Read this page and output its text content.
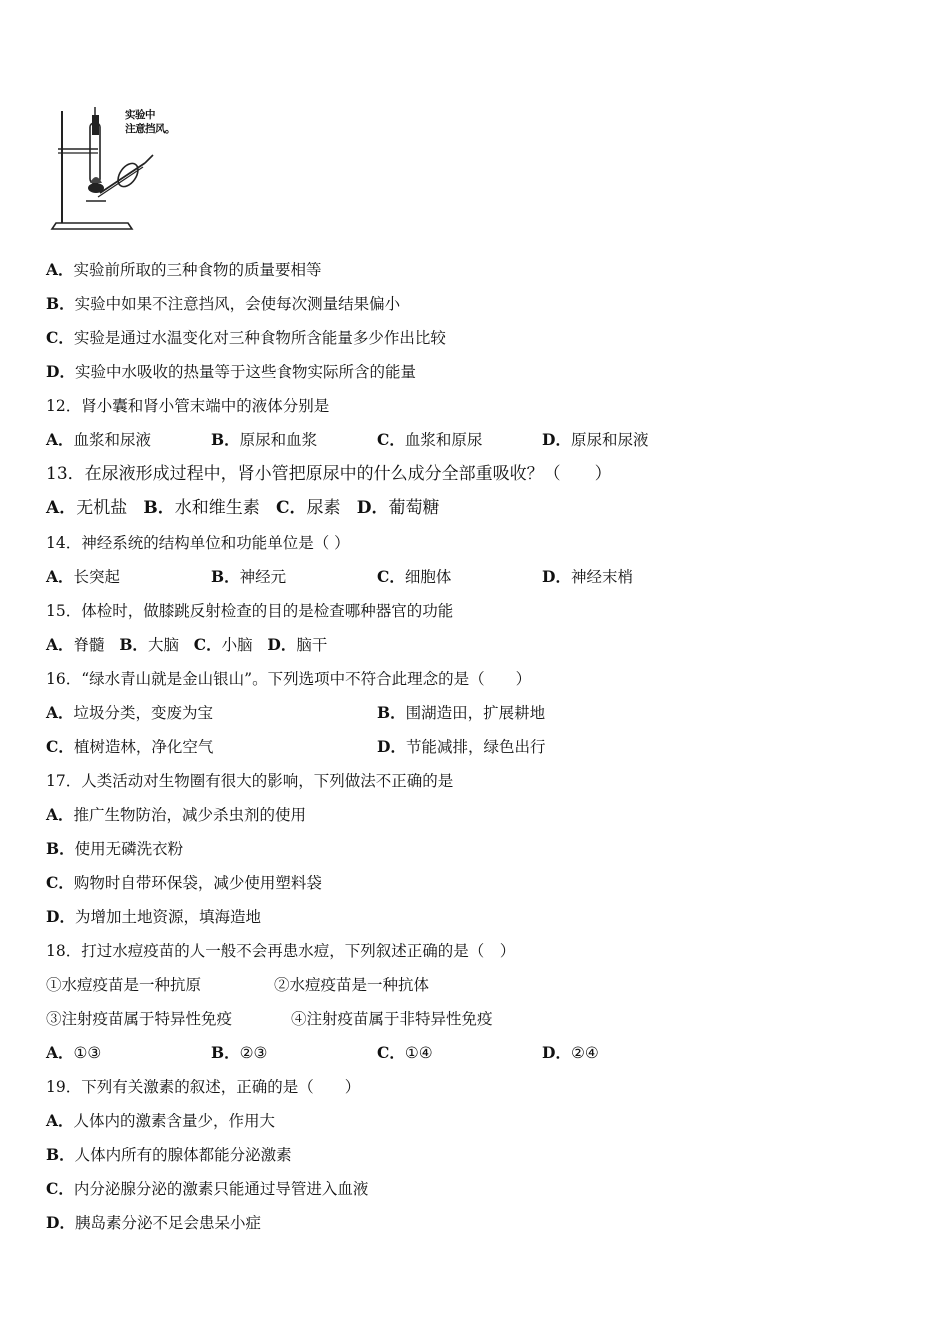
实验中
注意挡风。
A．实验前所取的三种食物的质量要相等
B．实验中如果不注意挡风，会使每次测量结果偏小
C．实验是通过水温变化对三种食物所含能量多少作出比较
D．实验中水吸收的热量等于这些食物实际所含的能量
12．肾小囊和肾小管末端中的液体分别是
A．血浆和尿液	B．原尿和血浆	C．血浆和原尿	D．原尿和尿液
13．在尿液形成过程中，肾小管把原尿中的什么成分全部重吸收？（　　）
A．无机盐 B．水和维生素 C．尿素 D．葡萄糖
14．神经系统的结构单位和功能单位是（ ）
A．长突起	B．神经元	C．细胞体	D．神经末梢
15．体检时，做膝跳反射检查的目的是检查哪种器官的功能
A．脊髓 B．大脑 C．小脑 D．脑干
16．“绿水青山就是金山银山”。下列选项中不符合此理念的是（　　）
A．垃圾分类，变废为宝	B．围湖造田，扩展耕地
C．植树造林，净化空气	D．节能减排，绿色出行
17．人类活动对生物圈有很大的影响，下列做法不正确的是
A．推广生物防治，减少杀虫剂的使用
B．使用无磷洗衣粉
C．购物时自带环保袋，减少使用塑料袋
D．为增加土地资源，填海造地
18．打过水痘疫苗的人一般不会再患水痘，下列叙述正确的是（　）
①水痘疫苗是一种抗原	②水痘疫苗是一种抗体
③注射疫苗属于特异性免疫	④注射疫苗属于非特异性免疫
A．①③	B．②③	C．①④	D．②④
19．下列有关激素的叙述，正确的是（　　）
A．人体内的激素含量少，作用大
B．人体内所有的腺体都能分泌激素
C．内分泌腺分泌的激素只能通过导管进入血液
D．胰岛素分泌不足会患呆小症
